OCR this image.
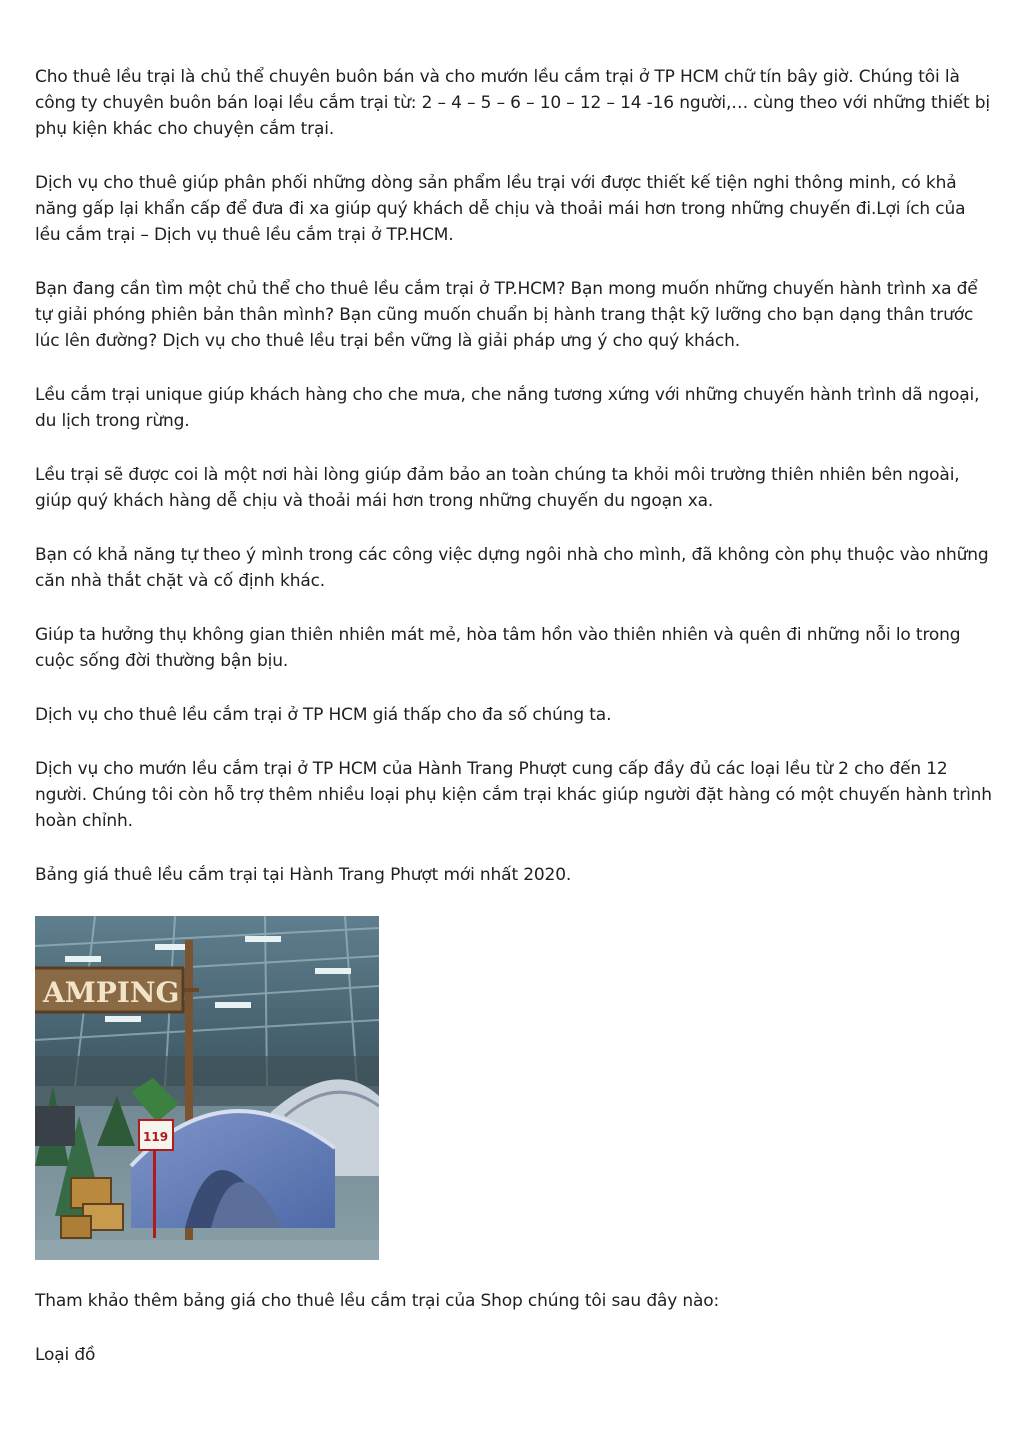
Cho thuê lều trại là chủ thể chuyên buôn bán và cho mướn lều cắm trại ở TP HCM chữ tín bây giờ. Chúng tôi là công ty chuyên buôn bán loại lều cắm trại từ: 2 – 4 – 5 – 6 – 10 – 12 – 14 -16 người,… cùng theo với những thiết bị phụ kiện khác cho chuyện cắm trại.

Dịch vụ cho thuê giúp phân phối những dòng sản phẩm lều trại với được thiết kế tiện nghi thông minh, có khả năng gấp lại khẩn cấp để đưa đi xa giúp quý khách dễ chịu và thoải mái hơn trong những chuyến đi.Lợi ích của lều cắm trại – Dịch vụ thuê lều cắm trại ở TP.HCM.

Bạn đang cần tìm một chủ thể cho thuê lều cắm trại ở TP.HCM? Bạn mong muốn những chuyến hành trình xa để tự giải phóng phiên bản thân mình? Bạn cũng muốn chuẩn bị hành trang thật kỹ lưỡng cho bạn dạng thân trước lúc lên đường? Dịch vụ cho thuê lều trại bền vững là giải pháp ưng ý cho quý khách.

Lều cắm trại unique giúp khách hàng cho che mưa, che nắng tương xứng với những chuyến hành trình dã ngoại, du lịch trong rừng.

Lều trại sẽ được coi là một nơi hài lòng giúp đảm bảo an toàn chúng ta khỏi môi trường thiên nhiên bên ngoài, giúp quý khách hàng dễ chịu và thoải mái hơn trong những chuyến du ngoạn xa.

Bạn có khả năng tự theo ý mình trong các công việc dựng ngôi nhà cho mình, đã không còn phụ thuộc vào những căn nhà thắt chặt và cố định khác.

Giúp ta hưởng thụ không gian thiên nhiên mát mẻ, hòa tâm hồn vào thiên nhiên và quên đi những nỗi lo trong cuộc sống đời thường bận bịu.

Dịch vụ cho thuê lều cắm trại ở TP HCM giá thấp cho đa số chúng ta.

Dịch vụ cho mướn lều cắm trại ở TP HCM của Hành Trang Phượt cung cấp đầy đủ các loại lều từ 2 cho đến 12 người. Chúng tôi còn hỗ trợ thêm nhiều loại phụ kiện cắm trại khác giúp người đặt hàng có một chuyến hành trình hoàn chỉnh.

Bảng giá thuê lều cắm trại tại Hành Trang Phượt mới nhất 2020.

AMPING
119

Tham khảo thêm bảng giá cho thuê lều cắm trại của Shop chúng tôi sau đây nào:

Loại đồ
